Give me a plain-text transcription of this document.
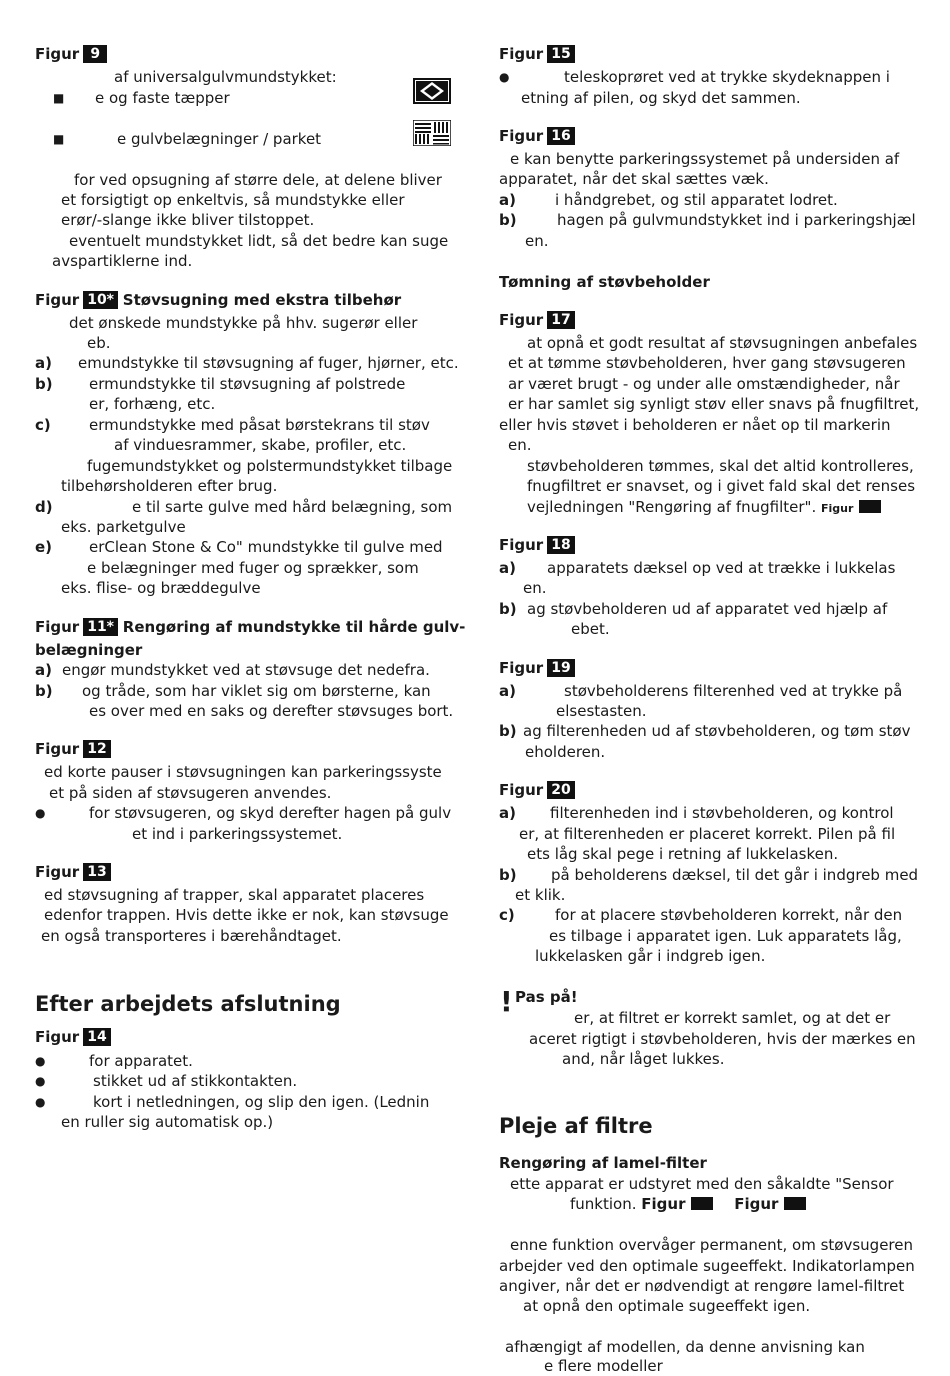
Figur 9
af universalgulvmundstykket:
■ e og faste tæpper
■	e gulvbelægninger / parket
for ved opsugning af større dele, at delene bliver
et forsigtigt op enkeltvis, så mundstykke eller
erør/-slange ikke bliver tilstoppet.
eventuelt mundstykket lidt, så det bedre kan suge
avspartiklerne ind.
Figur 10* Støvsugning med ekstra tilbehør
det ønskede mundstykke på hhv. sugerør eller
eb.
a) emundstykke til støvsugning af fuger, hjørner, etc.
b) ermundstykke til støvsugning af polstrede
er, forhæng, etc.
c)	ermundstykke med påsat børstekrans til støv
af vinduesrammer, skabe, profiler, etc.
fugemundstykket og polstermundstykket tilbage
tilbehørsholderen efter brug.
d)	e til sarte gulve med hård belægning, som
eks. parketgulve
e) erClean Stone & Co" mundstykke til gulve med
e belægninger med fuger og sprækker, som
eks. flise- og bræddegulve
Figur 11* Rengøring af mundstykke til hårde gulv-
belægninger
a) engør mundstykket ved at støvsuge det nedefra.
b) og tråde, som har viklet sig om børsterne, kan
es over med en saks og derefter støvsuges bort.
Figur 12
ed korte pauser i støvsugningen kan parkeringssyste
et på siden af støvsugeren anvendes.
●	for støvsugeren, og skyd derefter hagen på gulv
et ind i parkeringssystemet.
Figur 13
ed støvsugning af trapper, skal apparatet placeres
edenfor trappen. Hvis dette ikke er nok, kan støvsuge
en også transporteres i bærehåndtaget.
Efter arbejdets afslutning
Figur 14
●	for apparatet.
●	stikket ud af stikkontakten.
●	kort i netledningen, og slip den igen. (Lednin
en ruller sig automatisk op.)
Figur 15
●	teleskoprøret ved at trykke skydeknappen i
etning af pilen, og skyd det sammen.
Figur 16
e kan benytte parkeringssystemet på undersiden af
apparatet, når det skal sættes væk.
a)	i håndgrebet, og stil apparatet lodret.
b)	hagen på gulvmundstykket ind i parkeringshjæl
en.
Tømning af støvbeholder
Figur 17
at opnå et godt resultat af støvsugningen anbefales
et at tømme støvbeholderen, hver gang støvsugeren
ar været brugt - og under alle omstændigheder, når
er har samlet sig synligt støv eller snavs på fnugfiltret,
eller hvis støvet i beholderen er nået op til markerin
en.
støvbeholderen tømmes, skal det altid kontrolleres,
fnugfiltret er snavset, og i givet fald skal det renses
vejledningen "Rengøring af fnugfilter". Figur
Figur 18
a) apparatets dæksel op ved at trække i lukkelas
en.
b) ag støvbeholderen ud af apparatet ved hjælp af
ebet.
Figur 19
a)	støvbeholderens filterenhed ved at trykke på
elsestasten.
b) ag filterenheden ud af støvbeholderen, og tøm støv
eholderen.
Figur 20
a) filterenheden ind i støvbeholderen, og kontrol
er, at filterenheden er placeret korrekt. Pilen på fil
ets låg skal pege i retning af lukkelasken.
b) på beholderens dæksel, til det går i indgreb med
et klik.
c)	for at placere støvbeholderen korrekt, når den
es tilbage i apparatet igen. Luk apparatets låg,
lukkelasken går i indgreb igen.
! Pas på!
er, at filtret er korrekt samlet, og at det er
aceret rigtigt i støvbeholderen, hvis der mærkes en
and, når låget lukkes.
Pleje af filtre
Rengøring af lamel-filter
ette apparat er udstyret med den såkaldte "Sensor
funktion. Figur	Figur
enne funktion overvåger permanent, om støvsugeren
arbejder ved den optimale sugeeffekt. Indikatorlampen
angiver, når det er nødvendigt at rengøre lamel-filtret
at opnå den optimale sugeeffekt igen.
afhængigt af modellen, da denne anvisning kan
e flere modeller
